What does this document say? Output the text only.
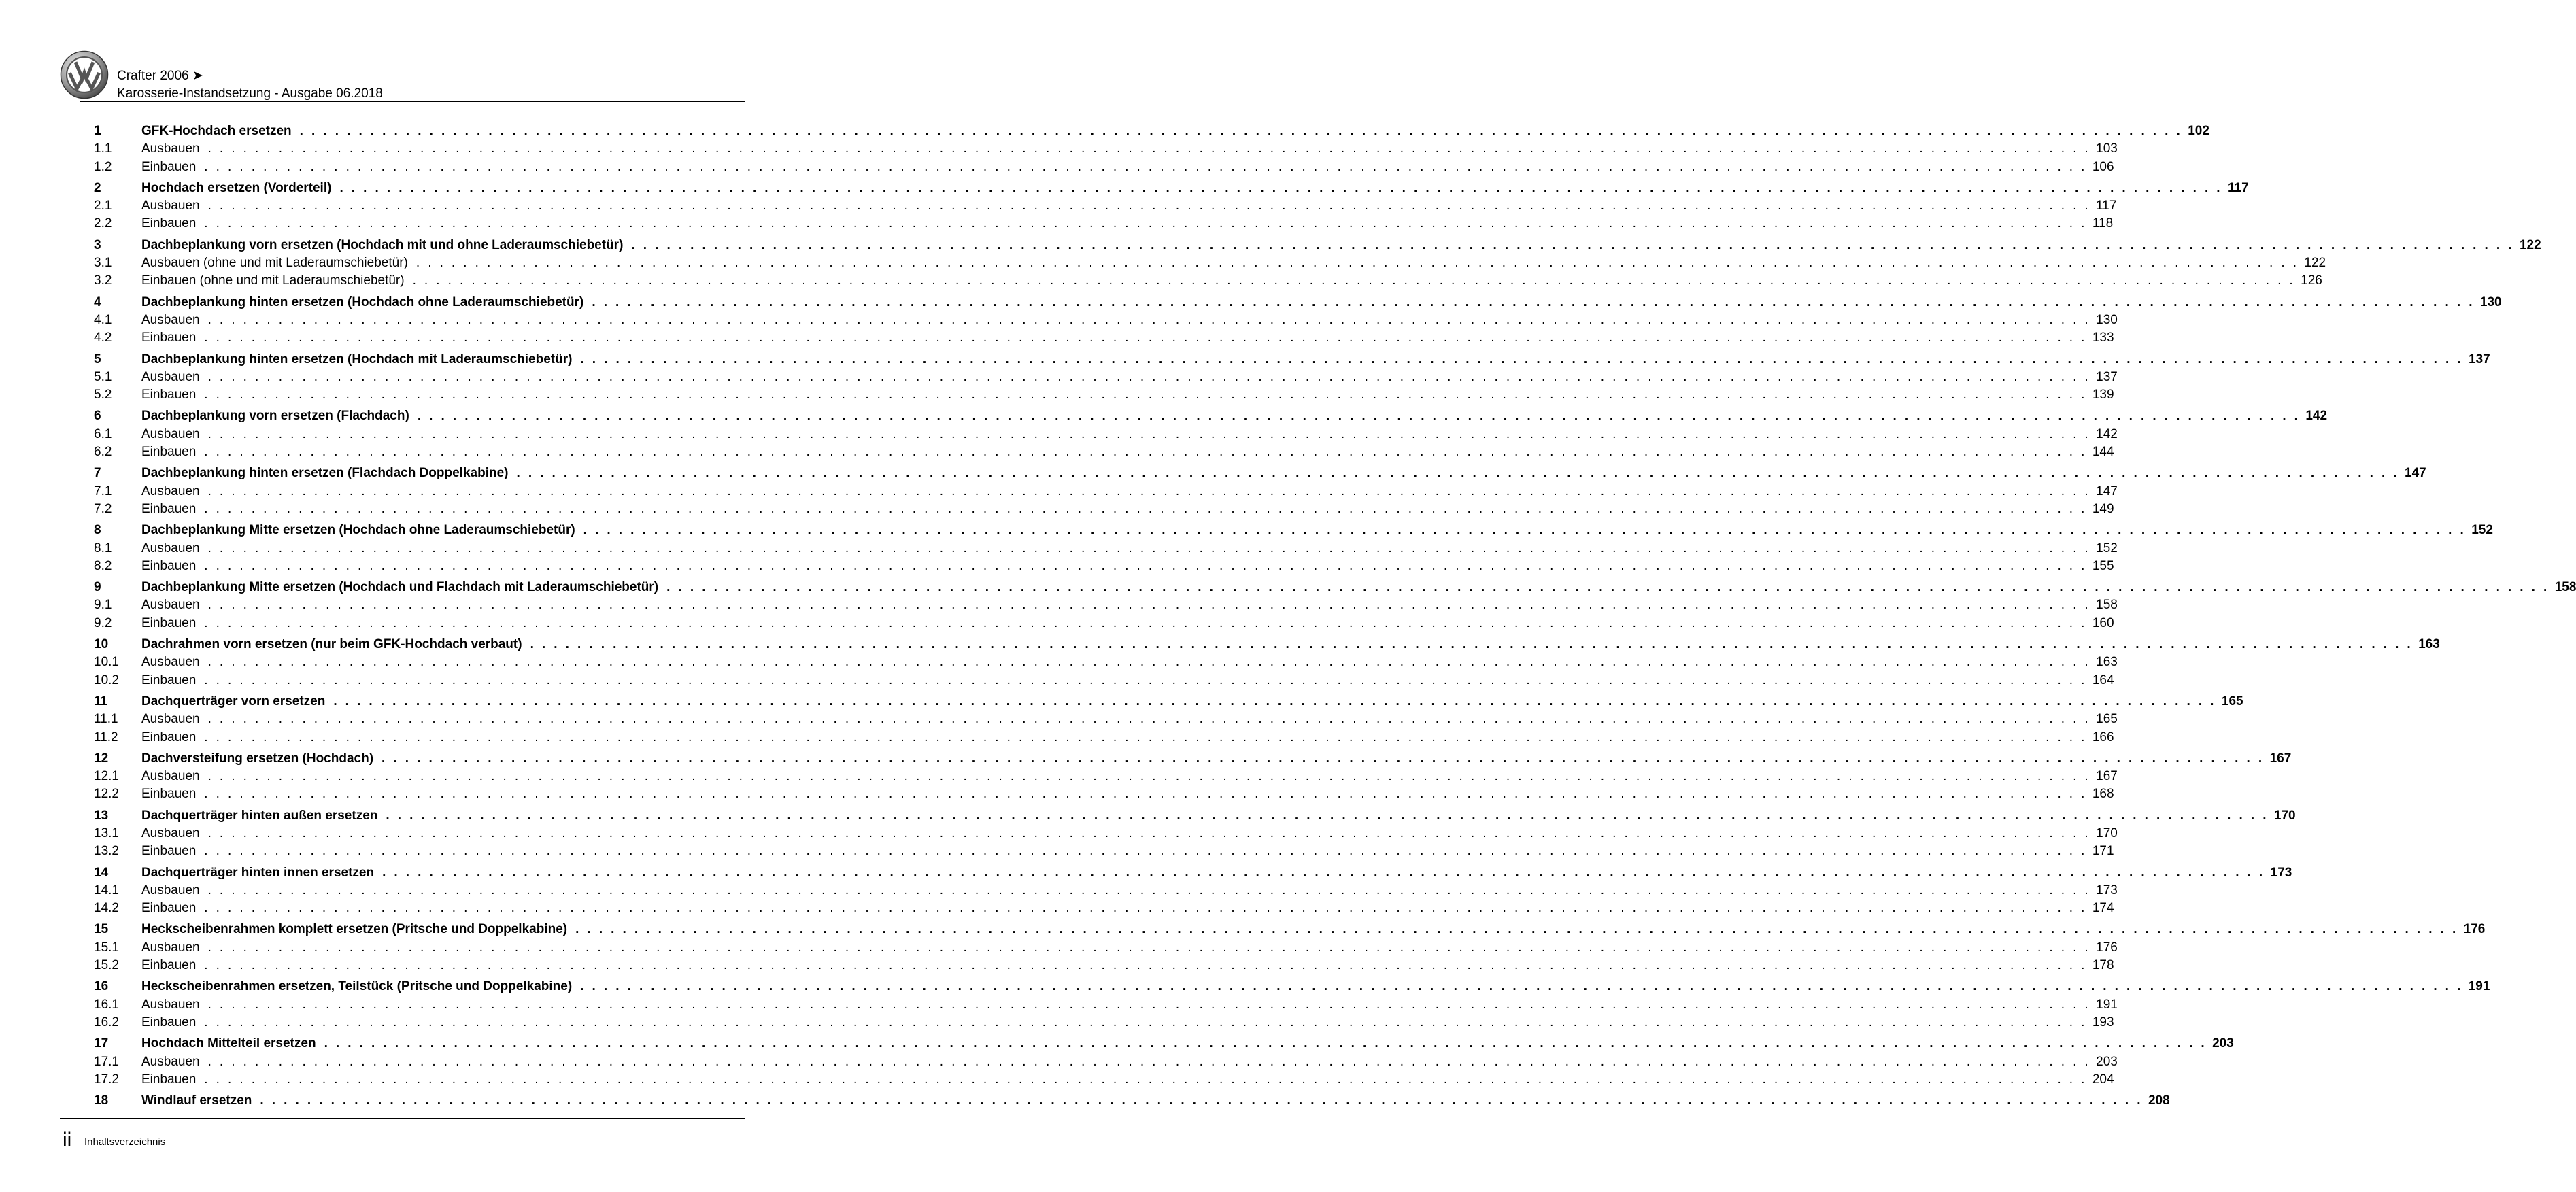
Crafter 2006 ➤
Karosserie-Instandsetzung - Ausgabe 06.2018
1	GFK-Hochdach ersetzen . . . . . . . . . . . . . . . . . . . . . . . . . . . . . . . . . . . . . . . . . . . . . . . . . . . . . . . . . . . . . . . . . . . . . . . . . . . . . . . . . . . . . . . . . . . . . . . . . . . . . . . . . . . . . . . . . . . . . . . . . . . . . . . . . . . . . . . . . . . . . . . . . . . . . . . . . . . . . . . . 102
1.1	Ausbauen . . . . . . . . . . . . . . . . . . . . . . . . . . . . . . . . . . . . . . . . . . . . . . . . . . . . . . . . . . . . . . . . . . . . . . . . . . . . . . . . . . . . . . . . . . . . . . . . . . . . . . . . . . . . . . . . . . . . . . . . . . . . . . . . . . . . . . . . . . . . . . . . . . . . . . . . . . . . . . . . 103
1.2	Einbauen . . . . . . . . . . . . . . . . . . . . . . . . . . . . . . . . . . . . . . . . . . . . . . . . . . . . . . . . . . . . . . . . . . . . . . . . . . . . . . . . . . . . . . . . . . . . . . . . . . . . . . . . . . . . . . . . . . . . . . . . . . . . . . . . . . . . . . . . . . . . . . . . . . . . . . . . . . . . . . . . 106
2	Hochdach ersetzen (Vorderteil) . . . . . . . . . . . . . . . . . . . . . . . . . . . . . . . . . . . . . . . . . . . . . . . . . . . . . . . . . . . . . . . . . . . . . . . . . . . . . . . . . . . . . . . . . . . . . . . . . . . . . . . . . . . . . . . . . . . . . . . . . . . . . . . . . . . . . . . . . . . . . . . . . . . . . . . . . . . . . . . . 117
2.1	Ausbauen . . . . . . . . . . . . . . . . . . . . . . . . . . . . . . . . . . . . . . . . . . . . . . . . . . . . . . . . . . . . . . . . . . . . . . . . . . . . . . . . . . . . . . . . . . . . . . . . . . . . . . . . . . . . . . . . . . . . . . . . . . . . . . . . . . . . . . . . . . . . . . . . . . . . . . . . . . . . . . . . 117
2.2	Einbauen . . . . . . . . . . . . . . . . . . . . . . . . . . . . . . . . . . . . . . . . . . . . . . . . . . . . . . . . . . . . . . . . . . . . . . . . . . . . . . . . . . . . . . . . . . . . . . . . . . . . . . . . . . . . . . . . . . . . . . . . . . . . . . . . . . . . . . . . . . . . . . . . . . . . . . . . . . . . . . . . 118
3	Dachbeplankung vorn ersetzen (Hochdach mit und ohne Laderaumschiebetür) . . . . . . . . . . . . . . . . . . . . . . . . . . . . . . . . . . . . . . . . . . . . . . . . . . . . . . . . . . . . . . . . . . . . . . . . . . . . . . . . . . . . . . . . . . . . . . . . . . . . . . . . . . . . . . . . . . . . . . . . . . . . . . . . . . . . . . . . . . . . . . . . . . . . . . . . . . . . . . . . 122
3.1	Ausbauen (ohne und mit Laderaumschiebetür) . . . . . . . . . . . . . . . . . . . . . . . . . . . . . . . . . . . . . . . . . . . . . . . . . . . . . . . . . . . . . . . . . . . . . . . . . . . . . . . . . . . . . . . . . . . . . . . . . . . . . . . . . . . . . . . . . . . . . . . . . . . . . . . . . . . . . . . . . . . . . . . . . . . . . . . . . . . . . . . . 122
3.2	Einbauen (ohne und mit Laderaumschiebetür) . . . . . . . . . . . . . . . . . . . . . . . . . . . . . . . . . . . . . . . . . . . . . . . . . . . . . . . . . . . . . . . . . . . . . . . . . . . . . . . . . . . . . . . . . . . . . . . . . . . . . . . . . . . . . . . . . . . . . . . . . . . . . . . . . . . . . . . . . . . . . . . . . . . . . . . . . . . . . . . . 126
4	Dachbeplankung hinten ersetzen (Hochdach ohne Laderaumschiebetür) . . . . . . . . . . . . . . . . . . . . . . . . . . . . . . . . . . . . . . . . . . . . . . . . . . . . . . . . . . . . . . . . . . . . . . . . . . . . . . . . . . . . . . . . . . . . . . . . . . . . . . . . . . . . . . . . . . . . . . . . . . . . . . . . . . . . . . . . . . . . . . . . . . . . . . . . . . . . . . . . 130
4.1	Ausbauen . . . . . . . . . . . . . . . . . . . . . . . . . . . . . . . . . . . . . . . . . . . . . . . . . . . . . . . . . . . . . . . . . . . . . . . . . . . . . . . . . . . . . . . . . . . . . . . . . . . . . . . . . . . . . . . . . . . . . . . . . . . . . . . . . . . . . . . . . . . . . . . . . . . . . . . . . . . . . . . . 130
4.2	Einbauen . . . . . . . . . . . . . . . . . . . . . . . . . . . . . . . . . . . . . . . . . . . . . . . . . . . . . . . . . . . . . . . . . . . . . . . . . . . . . . . . . . . . . . . . . . . . . . . . . . . . . . . . . . . . . . . . . . . . . . . . . . . . . . . . . . . . . . . . . . . . . . . . . . . . . . . . . . . . . . . . 133
5	Dachbeplankung hinten ersetzen (Hochdach mit Laderaumschiebetür) . . . . . . . . . . . . . . . . . . . . . . . . . . . . . . . . . . . . . . . . . . . . . . . . . . . . . . . . . . . . . . . . . . . . . . . . . . . . . . . . . . . . . . . . . . . . . . . . . . . . . . . . . . . . . . . . . . . . . . . . . . . . . . . . . . . . . . . . . . . . . . . . . . . . . . . . . . . . . . . . 137
5.1	Ausbauen . . . . . . . . . . . . . . . . . . . . . . . . . . . . . . . . . . . . . . . . . . . . . . . . . . . . . . . . . . . . . . . . . . . . . . . . . . . . . . . . . . . . . . . . . . . . . . . . . . . . . . . . . . . . . . . . . . . . . . . . . . . . . . . . . . . . . . . . . . . . . . . . . . . . . . . . . . . . . . . . 137
5.2	Einbauen . . . . . . . . . . . . . . . . . . . . . . . . . . . . . . . . . . . . . . . . . . . . . . . . . . . . . . . . . . . . . . . . . . . . . . . . . . . . . . . . . . . . . . . . . . . . . . . . . . . . . . . . . . . . . . . . . . . . . . . . . . . . . . . . . . . . . . . . . . . . . . . . . . . . . . . . . . . . . . . . 139
6	Dachbeplankung vorn ersetzen (Flachdach) . . . . . . . . . . . . . . . . . . . . . . . . . . . . . . . . . . . . . . . . . . . . . . . . . . . . . . . . . . . . . . . . . . . . . . . . . . . . . . . . . . . . . . . . . . . . . . . . . . . . . . . . . . . . . . . . . . . . . . . . . . . . . . . . . . . . . . . . . . . . . . . . . . . . . . . . . . . . . . . . 142
6.1	Ausbauen . . . . . . . . . . . . . . . . . . . . . . . . . . . . . . . . . . . . . . . . . . . . . . . . . . . . . . . . . . . . . . . . . . . . . . . . . . . . . . . . . . . . . . . . . . . . . . . . . . . . . . . . . . . . . . . . . . . . . . . . . . . . . . . . . . . . . . . . . . . . . . . . . . . . . . . . . . . . . . . . 142
6.2	Einbauen . . . . . . . . . . . . . . . . . . . . . . . . . . . . . . . . . . . . . . . . . . . . . . . . . . . . . . . . . . . . . . . . . . . . . . . . . . . . . . . . . . . . . . . . . . . . . . . . . . . . . . . . . . . . . . . . . . . . . . . . . . . . . . . . . . . . . . . . . . . . . . . . . . . . . . . . . . . . . . . . 144
7	Dachbeplankung hinten ersetzen (Flachdach Doppelkabine) . . . . . . . . . . . . . . . . . . . . . . . . . . . . . . . . . . . . . . . . . . . . . . . . . . . . . . . . . . . . . . . . . . . . . . . . . . . . . . . . . . . . . . . . . . . . . . . . . . . . . . . . . . . . . . . . . . . . . . . . . . . . . . . . . . . . . . . . . . . . . . . . . . . . . . . . . . . . . . . . 147
7.1	Ausbauen . . . . . . . . . . . . . . . . . . . . . . . . . . . . . . . . . . . . . . . . . . . . . . . . . . . . . . . . . . . . . . . . . . . . . . . . . . . . . . . . . . . . . . . . . . . . . . . . . . . . . . . . . . . . . . . . . . . . . . . . . . . . . . . . . . . . . . . . . . . . . . . . . . . . . . . . . . . . . . . . 147
7.2	Einbauen . . . . . . . . . . . . . . . . . . . . . . . . . . . . . . . . . . . . . . . . . . . . . . . . . . . . . . . . . . . . . . . . . . . . . . . . . . . . . . . . . . . . . . . . . . . . . . . . . . . . . . . . . . . . . . . . . . . . . . . . . . . . . . . . . . . . . . . . . . . . . . . . . . . . . . . . . . . . . . . . 149
8	Dachbeplankung Mitte ersetzen (Hochdach ohne Laderaumschiebetür) . . . . . . . . . . . . . . . . . . . . . . . . . . . . . . . . . . . . . . . . . . . . . . . . . . . . . . . . . . . . . . . . . . . . . . . . . . . . . . . . . . . . . . . . . . . . . . . . . . . . . . . . . . . . . . . . . . . . . . . . . . . . . . . . . . . . . . . . . . . . . . . . . . . . . . . . . . . . . . . . 152
8.1	Ausbauen . . . . . . . . . . . . . . . . . . . . . . . . . . . . . . . . . . . . . . . . . . . . . . . . . . . . . . . . . . . . . . . . . . . . . . . . . . . . . . . . . . . . . . . . . . . . . . . . . . . . . . . . . . . . . . . . . . . . . . . . . . . . . . . . . . . . . . . . . . . . . . . . . . . . . . . . . . . . . . . . 152
8.2	Einbauen . . . . . . . . . . . . . . . . . . . . . . . . . . . . . . . . . . . . . . . . . . . . . . . . . . . . . . . . . . . . . . . . . . . . . . . . . . . . . . . . . . . . . . . . . . . . . . . . . . . . . . . . . . . . . . . . . . . . . . . . . . . . . . . . . . . . . . . . . . . . . . . . . . . . . . . . . . . . . . . . 155
9	Dachbeplankung Mitte ersetzen (Hochdach und Flachdach mit Laderaumschiebetür) . . . . . . . . . . . . . . . . . . . . . . . . . . . . . . . . . . . . . . . . . . . . . . . . . . . . . . . . . . . . . . . . . . . . . . . . . . . . . . . . . . . . . . . . . . . . . . . . . . . . . . . . . . . . . . . . . . . . . . . . . . . . . . . . . . . . . . . . . . . . . . . . . . . . . . . . . . . . . . . . 158
9.1	Ausbauen . . . . . . . . . . . . . . . . . . . . . . . . . . . . . . . . . . . . . . . . . . . . . . . . . . . . . . . . . . . . . . . . . . . . . . . . . . . . . . . . . . . . . . . . . . . . . . . . . . . . . . . . . . . . . . . . . . . . . . . . . . . . . . . . . . . . . . . . . . . . . . . . . . . . . . . . . . . . . . . . 158
9.2	Einbauen . . . . . . . . . . . . . . . . . . . . . . . . . . . . . . . . . . . . . . . . . . . . . . . . . . . . . . . . . . . . . . . . . . . . . . . . . . . . . . . . . . . . . . . . . . . . . . . . . . . . . . . . . . . . . . . . . . . . . . . . . . . . . . . . . . . . . . . . . . . . . . . . . . . . . . . . . . . . . . . . 160
10	Dachrahmen vorn ersetzen (nur beim GFK-Hochdach verbaut) . . . . . . . . . . . . . . . . . . . . . . . . . . . . . . . . . . . . . . . . . . . . . . . . . . . . . . . . . . . . . . . . . . . . . . . . . . . . . . . . . . . . . . . . . . . . . . . . . . . . . . . . . . . . . . . . . . . . . . . . . . . . . . . . . . . . . . . . . . . . . . . . . . . . . . . . . . . . . . . . 163
10.1	Ausbauen . . . . . . . . . . . . . . . . . . . . . . . . . . . . . . . . . . . . . . . . . . . . . . . . . . . . . . . . . . . . . . . . . . . . . . . . . . . . . . . . . . . . . . . . . . . . . . . . . . . . . . . . . . . . . . . . . . . . . . . . . . . . . . . . . . . . . . . . . . . . . . . . . . . . . . . . . . . . . . . . 163
10.2	Einbauen . . . . . . . . . . . . . . . . . . . . . . . . . . . . . . . . . . . . . . . . . . . . . . . . . . . . . . . . . . . . . . . . . . . . . . . . . . . . . . . . . . . . . . . . . . . . . . . . . . . . . . . . . . . . . . . . . . . . . . . . . . . . . . . . . . . . . . . . . . . . . . . . . . . . . . . . . . . . . . . . 164
11	Dachquerträger vorn ersetzen . . . . . . . . . . . . . . . . . . . . . . . . . . . . . . . . . . . . . . . . . . . . . . . . . . . . . . . . . . . . . . . . . . . . . . . . . . . . . . . . . . . . . . . . . . . . . . . . . . . . . . . . . . . . . . . . . . . . . . . . . . . . . . . . . . . . . . . . . . . . . . . . . . . . . . . . . . . . . . . . 165
11.1	Ausbauen . . . . . . . . . . . . . . . . . . . . . . . . . . . . . . . . . . . . . . . . . . . . . . . . . . . . . . . . . . . . . . . . . . . . . . . . . . . . . . . . . . . . . . . . . . . . . . . . . . . . . . . . . . . . . . . . . . . . . . . . . . . . . . . . . . . . . . . . . . . . . . . . . . . . . . . . . . . . . . . . 165
11.2	Einbauen . . . . . . . . . . . . . . . . . . . . . . . . . . . . . . . . . . . . . . . . . . . . . . . . . . . . . . . . . . . . . . . . . . . . . . . . . . . . . . . . . . . . . . . . . . . . . . . . . . . . . . . . . . . . . . . . . . . . . . . . . . . . . . . . . . . . . . . . . . . . . . . . . . . . . . . . . . . . . . . . 166
12	Dachversteifung ersetzen (Hochdach) . . . . . . . . . . . . . . . . . . . . . . . . . . . . . . . . . . . . . . . . . . . . . . . . . . . . . . . . . . . . . . . . . . . . . . . . . . . . . . . . . . . . . . . . . . . . . . . . . . . . . . . . . . . . . . . . . . . . . . . . . . . . . . . . . . . . . . . . . . . . . . . . . . . . . . . . . . . . . . . . 167
12.1	Ausbauen . . . . . . . . . . . . . . . . . . . . . . . . . . . . . . . . . . . . . . . . . . . . . . . . . . . . . . . . . . . . . . . . . . . . . . . . . . . . . . . . . . . . . . . . . . . . . . . . . . . . . . . . . . . . . . . . . . . . . . . . . . . . . . . . . . . . . . . . . . . . . . . . . . . . . . . . . . . . . . . . 167
12.2	Einbauen . . . . . . . . . . . . . . . . . . . . . . . . . . . . . . . . . . . . . . . . . . . . . . . . . . . . . . . . . . . . . . . . . . . . . . . . . . . . . . . . . . . . . . . . . . . . . . . . . . . . . . . . . . . . . . . . . . . . . . . . . . . . . . . . . . . . . . . . . . . . . . . . . . . . . . . . . . . . . . . . 168
13	Dachquerträger hinten außen ersetzen . . . . . . . . . . . . . . . . . . . . . . . . . . . . . . . . . . . . . . . . . . . . . . . . . . . . . . . . . . . . . . . . . . . . . . . . . . . . . . . . . . . . . . . . . . . . . . . . . . . . . . . . . . . . . . . . . . . . . . . . . . . . . . . . . . . . . . . . . . . . . . . . . . . . . . . . . . . . . . . . 170
13.1	Ausbauen . . . . . . . . . . . . . . . . . . . . . . . . . . . . . . . . . . . . . . . . . . . . . . . . . . . . . . . . . . . . . . . . . . . . . . . . . . . . . . . . . . . . . . . . . . . . . . . . . . . . . . . . . . . . . . . . . . . . . . . . . . . . . . . . . . . . . . . . . . . . . . . . . . . . . . . . . . . . . . . . 170
13.2	Einbauen . . . . . . . . . . . . . . . . . . . . . . . . . . . . . . . . . . . . . . . . . . . . . . . . . . . . . . . . . . . . . . . . . . . . . . . . . . . . . . . . . . . . . . . . . . . . . . . . . . . . . . . . . . . . . . . . . . . . . . . . . . . . . . . . . . . . . . . . . . . . . . . . . . . . . . . . . . . . . . . . 171
14	Dachquerträger hinten innen ersetzen . . . . . . . . . . . . . . . . . . . . . . . . . . . . . . . . . . . . . . . . . . . . . . . . . . . . . . . . . . . . . . . . . . . . . . . . . . . . . . . . . . . . . . . . . . . . . . . . . . . . . . . . . . . . . . . . . . . . . . . . . . . . . . . . . . . . . . . . . . . . . . . . . . . . . . . . . . . . . . . . 173
14.1	Ausbauen . . . . . . . . . . . . . . . . . . . . . . . . . . . . . . . . . . . . . . . . . . . . . . . . . . . . . . . . . . . . . . . . . . . . . . . . . . . . . . . . . . . . . . . . . . . . . . . . . . . . . . . . . . . . . . . . . . . . . . . . . . . . . . . . . . . . . . . . . . . . . . . . . . . . . . . . . . . . . . . . 173
14.2	Einbauen . . . . . . . . . . . . . . . . . . . . . . . . . . . . . . . . . . . . . . . . . . . . . . . . . . . . . . . . . . . . . . . . . . . . . . . . . . . . . . . . . . . . . . . . . . . . . . . . . . . . . . . . . . . . . . . . . . . . . . . . . . . . . . . . . . . . . . . . . . . . . . . . . . . . . . . . . . . . . . . . 174
15	Heckscheibenrahmen komplett ersetzen (Pritsche und Doppelkabine) . . . . . . . . . . . . . . . . . . . . . . . . . . . . . . . . . . . . . . . . . . . . . . . . . . . . . . . . . . . . . . . . . . . . . . . . . . . . . . . . . . . . . . . . . . . . . . . . . . . . . . . . . . . . . . . . . . . . . . . . . . . . . . . . . . . . . . . . . . . . . . . . . . . . . . . . . . . . . . . . 176
15.1	Ausbauen . . . . . . . . . . . . . . . . . . . . . . . . . . . . . . . . . . . . . . . . . . . . . . . . . . . . . . . . . . . . . . . . . . . . . . . . . . . . . . . . . . . . . . . . . . . . . . . . . . . . . . . . . . . . . . . . . . . . . . . . . . . . . . . . . . . . . . . . . . . . . . . . . . . . . . . . . . . . . . . . 176
15.2	Einbauen . . . . . . . . . . . . . . . . . . . . . . . . . . . . . . . . . . . . . . . . . . . . . . . . . . . . . . . . . . . . . . . . . . . . . . . . . . . . . . . . . . . . . . . . . . . . . . . . . . . . . . . . . . . . . . . . . . . . . . . . . . . . . . . . . . . . . . . . . . . . . . . . . . . . . . . . . . . . . . . . 178
16	Heckscheibenrahmen ersetzen, Teilstück (Pritsche und Doppelkabine) . . . . . . . . . . . . . . . . . . . . . . . . . . . . . . . . . . . . . . . . . . . . . . . . . . . . . . . . . . . . . . . . . . . . . . . . . . . . . . . . . . . . . . . . . . . . . . . . . . . . . . . . . . . . . . . . . . . . . . . . . . . . . . . . . . . . . . . . . . . . . . . . . . . . . . . . . . . . . . . . 191
16.1	Ausbauen . . . . . . . . . . . . . . . . . . . . . . . . . . . . . . . . . . . . . . . . . . . . . . . . . . . . . . . . . . . . . . . . . . . . . . . . . . . . . . . . . . . . . . . . . . . . . . . . . . . . . . . . . . . . . . . . . . . . . . . . . . . . . . . . . . . . . . . . . . . . . . . . . . . . . . . . . . . . . . . . 191
16.2	Einbauen . . . . . . . . . . . . . . . . . . . . . . . . . . . . . . . . . . . . . . . . . . . . . . . . . . . . . . . . . . . . . . . . . . . . . . . . . . . . . . . . . . . . . . . . . . . . . . . . . . . . . . . . . . . . . . . . . . . . . . . . . . . . . . . . . . . . . . . . . . . . . . . . . . . . . . . . . . . . . . . . 193
17	Hochdach Mittelteil ersetzen . . . . . . . . . . . . . . . . . . . . . . . . . . . . . . . . . . . . . . . . . . . . . . . . . . . . . . . . . . . . . . . . . . . . . . . . . . . . . . . . . . . . . . . . . . . . . . . . . . . . . . . . . . . . . . . . . . . . . . . . . . . . . . . . . . . . . . . . . . . . . . . . . . . . . . . . . . . . . . . . 203
17.1	Ausbauen . . . . . . . . . . . . . . . . . . . . . . . . . . . . . . . . . . . . . . . . . . . . . . . . . . . . . . . . . . . . . . . . . . . . . . . . . . . . . . . . . . . . . . . . . . . . . . . . . . . . . . . . . . . . . . . . . . . . . . . . . . . . . . . . . . . . . . . . . . . . . . . . . . . . . . . . . . . . . . . . 203
17.2	Einbauen . . . . . . . . . . . . . . . . . . . . . . . . . . . . . . . . . . . . . . . . . . . . . . . . . . . . . . . . . . . . . . . . . . . . . . . . . . . . . . . . . . . . . . . . . . . . . . . . . . . . . . . . . . . . . . . . . . . . . . . . . . . . . . . . . . . . . . . . . . . . . . . . . . . . . . . . . . . . . . . . 204
18	Windlauf ersetzen . . . . . . . . . . . . . . . . . . . . . . . . . . . . . . . . . . . . . . . . . . . . . . . . . . . . . . . . . . . . . . . . . . . . . . . . . . . . . . . . . . . . . . . . . . . . . . . . . . . . . . . . . . . . . . . . . . . . . . . . . . . . . . . . . . . . . . . . . . . . . . . . . . . . . . . . . . . . . . . . 208
ii Inhaltsverzeichnis
